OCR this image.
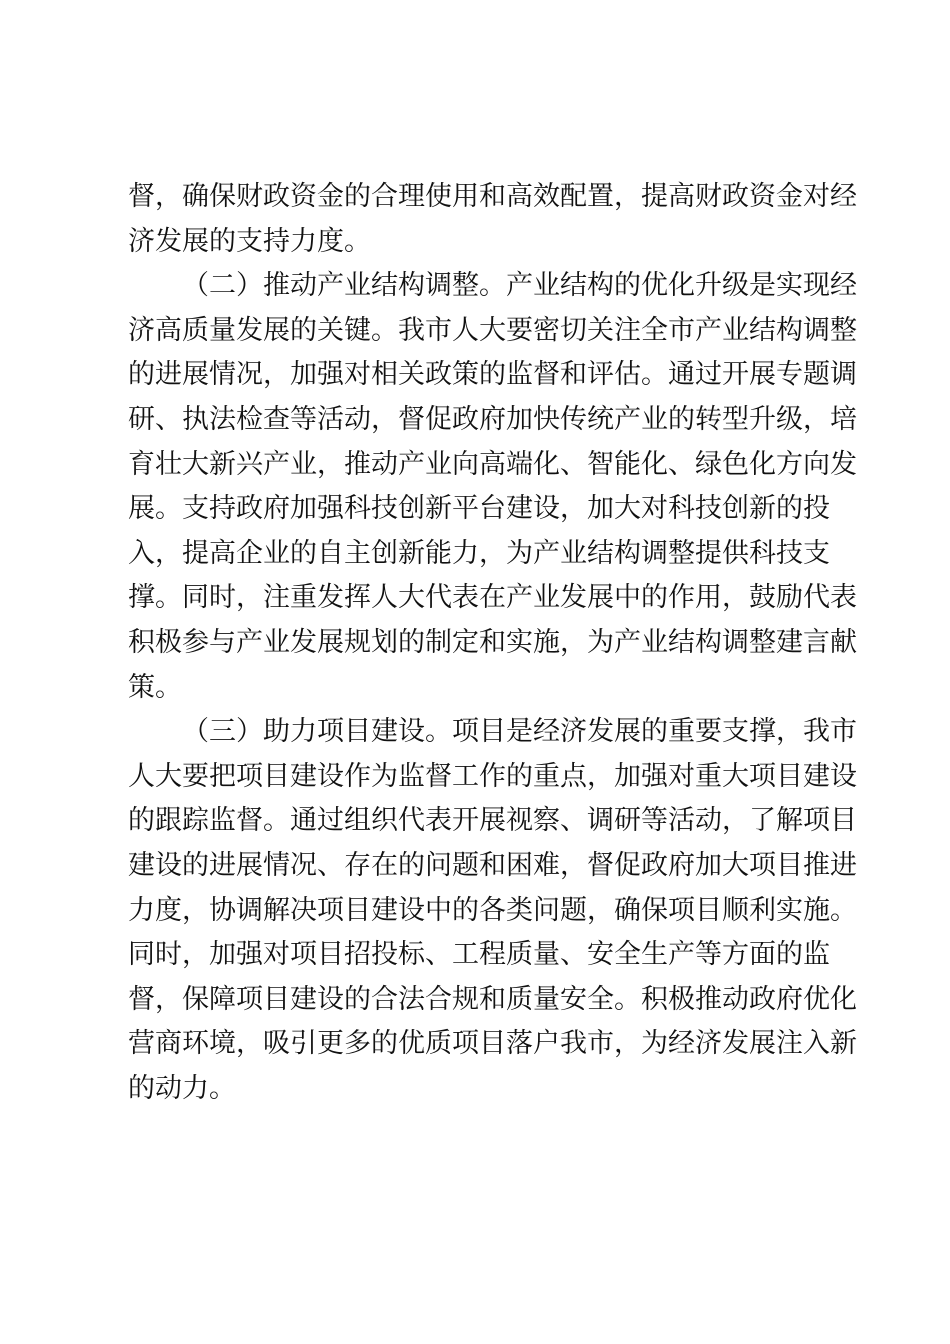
督，确保财政资金的合理使用和高效配置，提高财政资金对经
济发展的支持力度。
（二）推动产业结构调整。产业结构的优化升级是实现经
济高质量发展的关键。我市人大要密切关注全市产业结构调整
的进展情况，加强对相关政策的监督和评估。通过开展专题调
研、执法检查等活动，督促政府加快传统产业的转型升级，培
育壮大新兴产业，推动产业向高端化、智能化、绿色化方向发
展。支持政府加强科技创新平台建设，加大对科技创新的投
入，提高企业的自主创新能力，为产业结构调整提供科技支
撑。同时，注重发挥人大代表在产业发展中的作用，鼓励代表
积极参与产业发展规划的制定和实施，为产业结构调整建言献
策。
（三）助力项目建设。项目是经济发展的重要支撑，我市
人大要把项目建设作为监督工作的重点，加强对重大项目建设
的跟踪监督。通过组织代表开展视察、调研等活动，了解项目
建设的进展情况、存在的问题和困难，督促政府加大项目推进
力度，协调解决项目建设中的各类问题，确保项目顺利实施。
同时，加强对项目招投标、工程质量、安全生产等方面的监
督，保障项目建设的合法合规和质量安全。积极推动政府优化
营商环境，吸引更多的优质项目落户我市，为经济发展注入新
的动力。
